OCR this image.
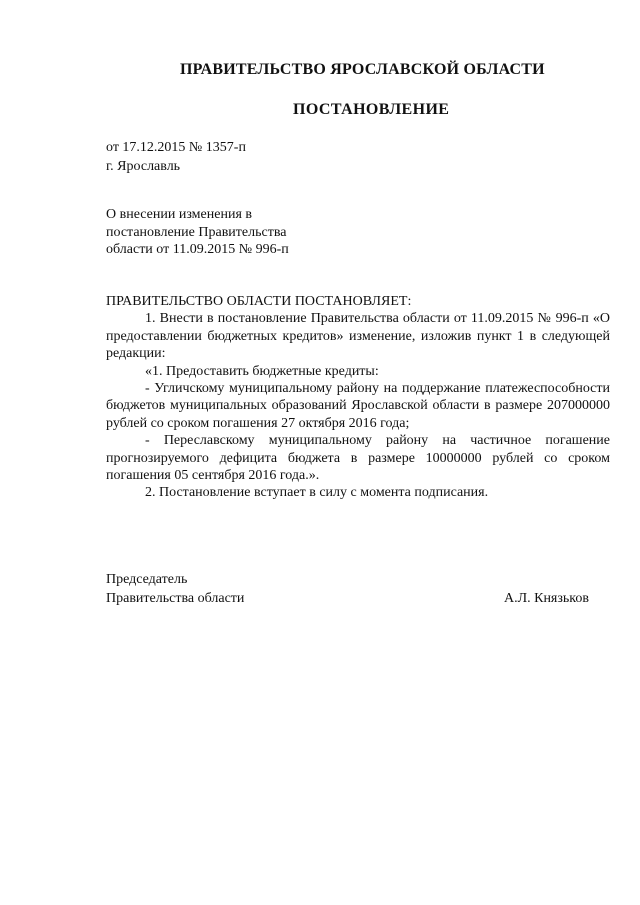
ПРАВИТЕЛЬСТВО ЯРОСЛАВСКОЙ ОБЛАСТИ
ПОСТАНОВЛЕНИЕ
от 17.12.2015 № 1357-п
г. Ярославль
О внесении изменения в
постановление Правительства
области от 11.09.2015 № 996-п

ПРАВИТЕЛЬСТВО ОБЛАСТИ ПОСТАНОВЛЯЕТ:

1. Внести в постановление Правительства области от 11.09.2015 № 996-п «О предоставлении бюджетных кредитов» изменение, изложив пункт 1 в следующей редакции:

«1. Предоставить бюджетные кредиты:

- Угличскому муниципальному району на поддержание платежеспособности бюджетов муниципальных образований Ярославской области в размере 207000000 рублей со сроком погашения 27 октября 2016 года;

- Переславскому муниципальному району на частичное погашение прогнозируемого дефицита бюджета в размере 10000000 рублей со сроком погашения 05 сентября 2016 года.».

2. Постановление вступает в силу с момента подписания.

Председатель
Правительства области	А.Л. Князьков
